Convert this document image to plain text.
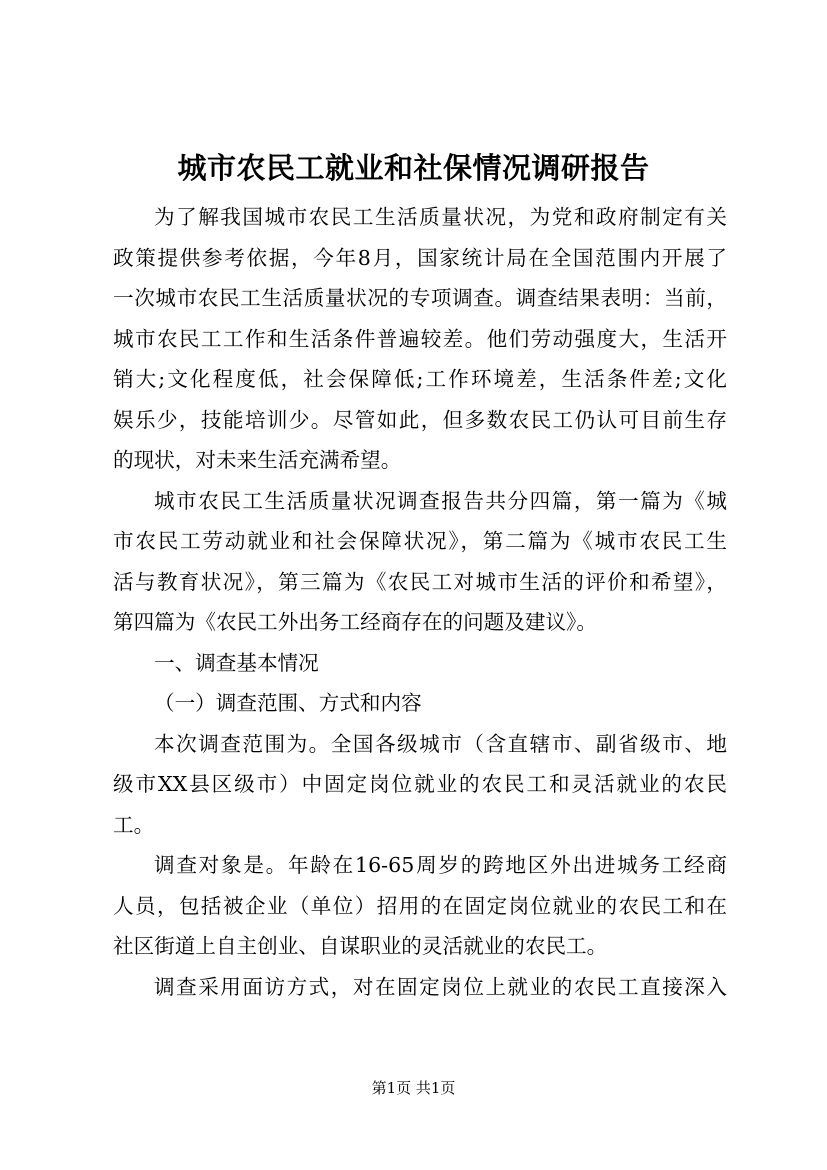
城市农民工就业和社保情况调研报告
为了解我国城市农民工生活质量状况，为党和政府制定有关
政策提供参考依据，今年8月，国家统计局在全国范围内开展了
一次城市农民工生活质量状况的专项调查。调查结果表明：当前，
城市农民工工作和生活条件普遍较差。他们劳动强度大，生活开
销大;文化程度低，社会保障低;工作环境差，生活条件差;文化
娱乐少，技能培训少。尽管如此，但多数农民工仍认可目前生存
的现状，对未来生活充满希望。
城市农民工生活质量状况调查报告共分四篇，第一篇为《城
市农民工劳动就业和社会保障状况》，第二篇为《城市农民工生
活与教育状况》，第三篇为《农民工对城市生活的评价和希望》，
第四篇为《农民工外出务工经商存在的问题及建议》。
一、调查基本情况
（一）调查范围、方式和内容
本次调查范围为。全国各级城市（含直辖市、副省级市、地
级市XX县区级市）中固定岗位就业的农民工和灵活就业的农民
工。
调查对象是。年龄在16-65周岁的跨地区外出进城务工经商
人员，包括被企业（单位）招用的在固定岗位就业的农民工和在
社区街道上自主创业、自谋职业的灵活就业的农民工。
调查采用面访方式，对在固定岗位上就业的农民工直接深入
第1页 共1页
